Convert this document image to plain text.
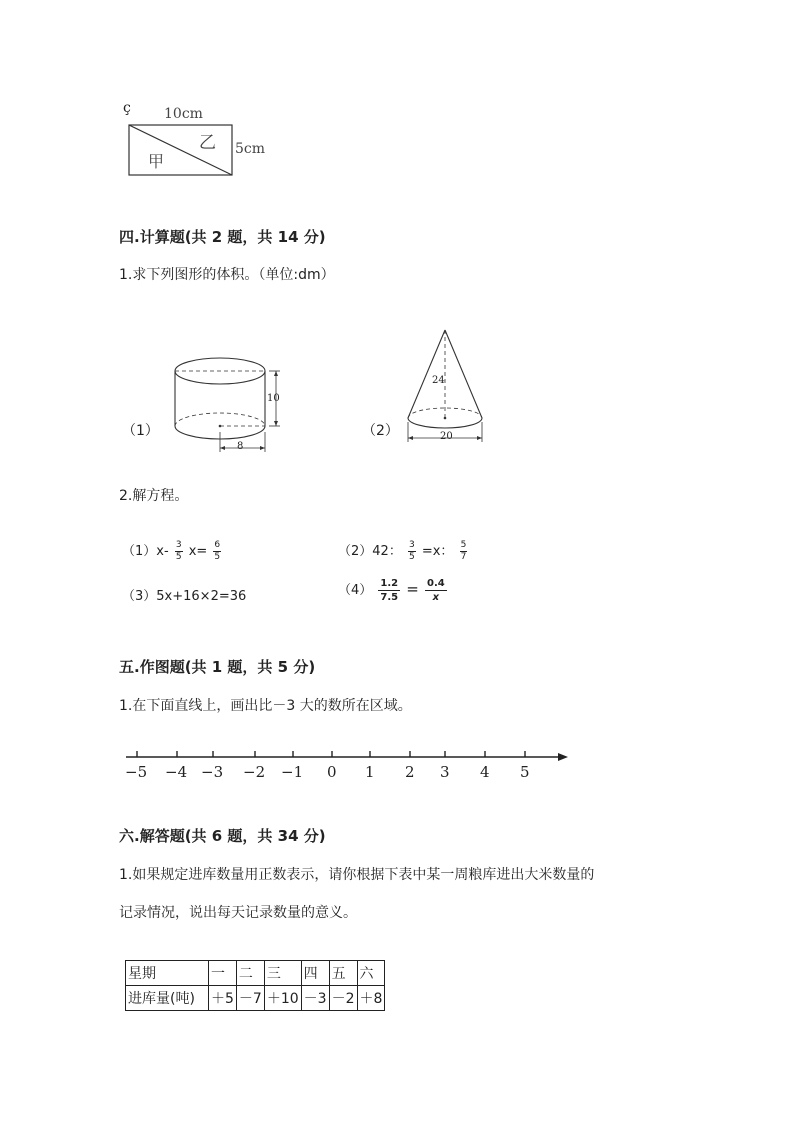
ç 10cm
5cm
甲
乙
四.计算题(共 2 题，共 14 分)
1.求下列图形的体积。（单位:dm）
（1）
10
8
（2）
24
20
2.解方程。
$(1)x- \frac{3}{5} x= \frac{6}{5}$	（2）42： $\frac{3}{5} =x$： $\frac{5}{7}$
（3）5x+16×2=36	$(4) \frac{1.2}{7.5} = \frac{0.4}{x}$
五.作图题(共 1 题，共 5 分)
1.在下面直线上，画出比－3 大的数所在区域。
−5 −4 −3 −2 −1 0 1 2 3 4 5
六.解答题(共 6 题，共 34 分)
1.如果规定进库数量用正数表示，请你根据下表中某一周粮库进出大米数量的
记录情况，说出每天记录数量的意义。
星期	一	二	三	四	五	六
进库量(吨)	＋5	－7	＋10	－3	－2	＋8
